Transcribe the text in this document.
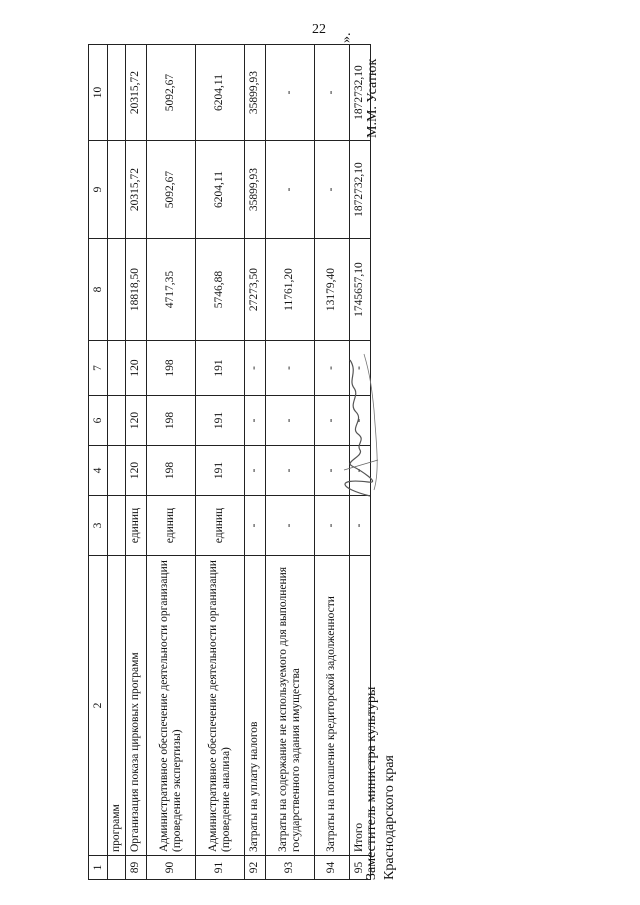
22
».
1	2	3	4	6	7	8	9	10
	программ							
89	Организация показа цирковых программ	единиц	120	120	120	18818,50	20315,72	20315,72
90	Административное обеспечение деятельности организации (проведение экспертизы)	единиц	198	198	198	4717,35	5092,67	5092,67
91	Административное обеспечение деятельности организации (проведение анализа)	единиц	191	191	191	5746,88	6204,11	6204,11
92	Затраты на уплату налогов	-	-	-	-	27273,50	35899,93	35899,93
93	Затраты на содержание не используемого для выполнения государственного задания имущества	-	-	-	-	11761,20	-	-
94	Затраты на погашение кредиторской задолженности	-	-	-	-	13179,40	-	-
95	Итого	-	-	-	-	1745657,10	1872732,10	1872732,10
Заместитель министра культуры Краснодарского края
М.М. Усатюк
